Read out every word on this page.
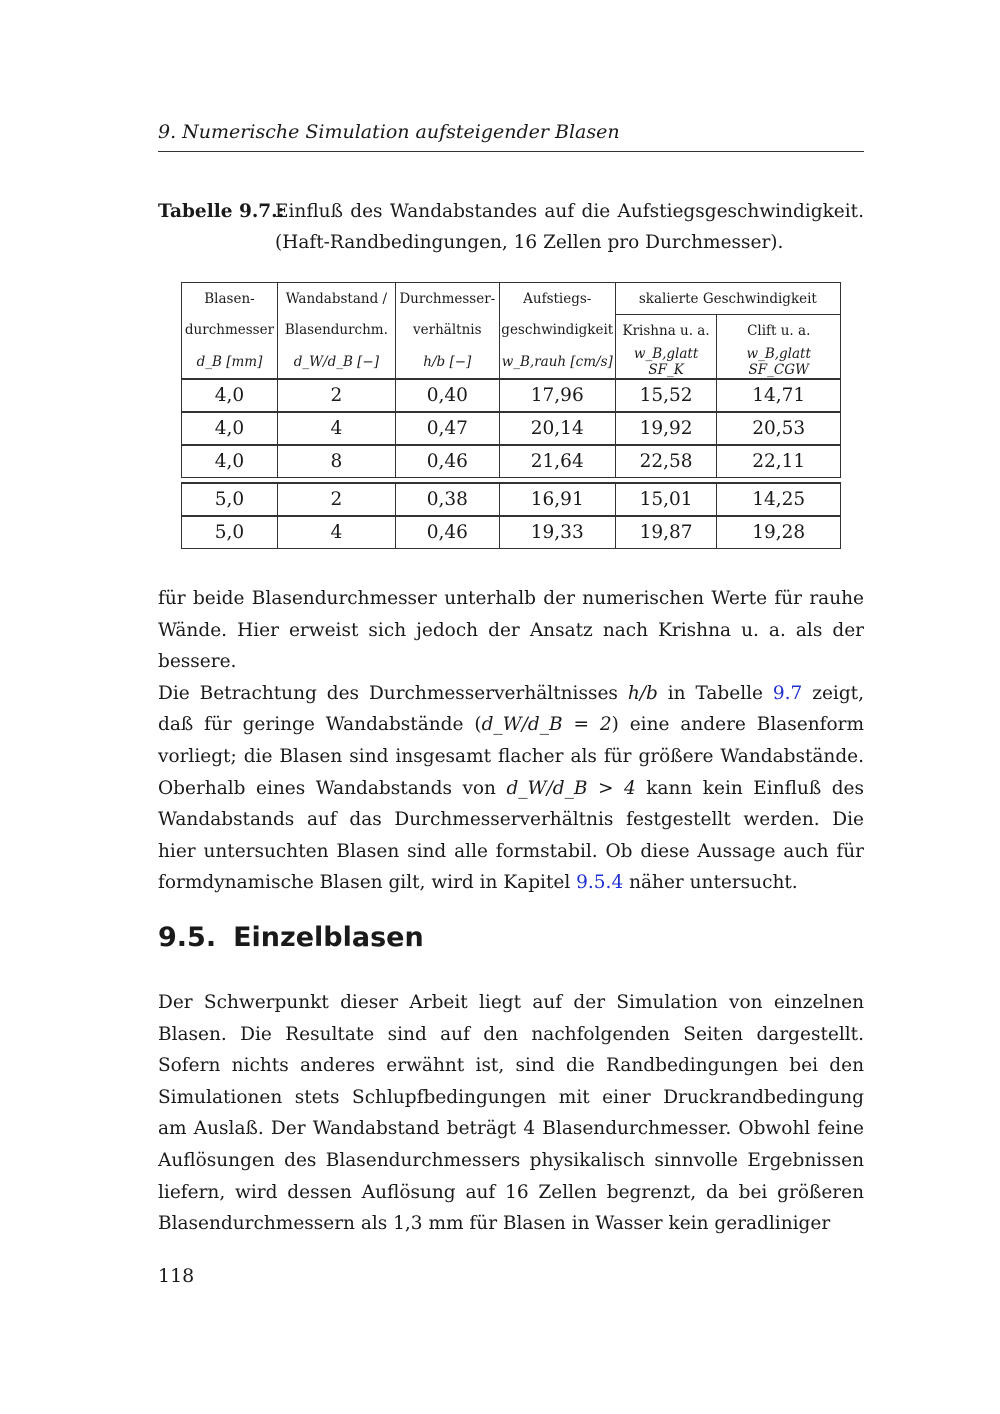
9. Numerische Simulation aufsteigender Blasen
Tabelle 9.7.:
Einfluß des Wandabstandes auf die Aufstiegsgeschwindigkeit. (Haft-Randbedingungen, 16 Zellen pro Durchmesser).
Blasen-	Wandabstand /	Durchmesser-	Aufstiegs-	skalierte Geschwindigkeit	
durchmesser	Blasendurchm.	verhältnis	geschwindigkeit	Krishna u. a.	Clift u. a.
d_B [mm]	d_W/d_B [−]	h/b [−]	w_B,rauh [cm/s]	w_B,glatt SF_K	w_B,glatt SF_CGW
4,0	2	0,40	17,96	15,52	14,71
4,0	4	0,47	20,14	19,92	20,53
4,0	8	0,46	21,64	22,58	22,11

5,0	2	0,38	16,91	15,01	14,25
5,0	4	0,46	19,33	19,87	19,28

für beide Blasendurchmesser unterhalb der numerischen Werte für rauhe Wände. Hier erweist sich jedoch der Ansatz nach Krishna u. a. als der bessere.

Die Betrachtung des Durchmesserverhältnisses h/b in Tabelle 9.7 zeigt, daß für geringe Wandabstände (d_W/d_B = 2) eine andere Blasenform vorliegt; die Blasen sind insgesamt flacher als für größere Wandabstände. Oberhalb eines Wandabstands von d_W/d_B > 4 kann kein Einfluß des Wandabstands auf das Durchmesserverhältnis festgestellt werden. Die hier untersuchten Blasen sind alle formstabil. Ob diese Aussage auch für formdynamische Blasen gilt, wird in Kapitel 9.5.4 näher untersucht.

9.5. Einzelblasen

Der Schwerpunkt dieser Arbeit liegt auf der Simulation von einzelnen Blasen. Die Resultate sind auf den nachfolgenden Seiten dargestellt. Sofern nichts anderes erwähnt ist, sind die Randbedingungen bei den Simulationen stets Schlupfbedingungen mit einer Druckrandbedingung am Auslaß. Der Wandabstand beträgt 4 Blasendurchmesser. Obwohl feine Auflösungen des Blasendurchmessers physikalisch sinnvolle Ergebnissen liefern, wird dessen Auflösung auf 16 Zellen begrenzt, da bei größeren Blasendurchmessern als 1,3 mm für Blasen in Wasser kein geradliniger

118
